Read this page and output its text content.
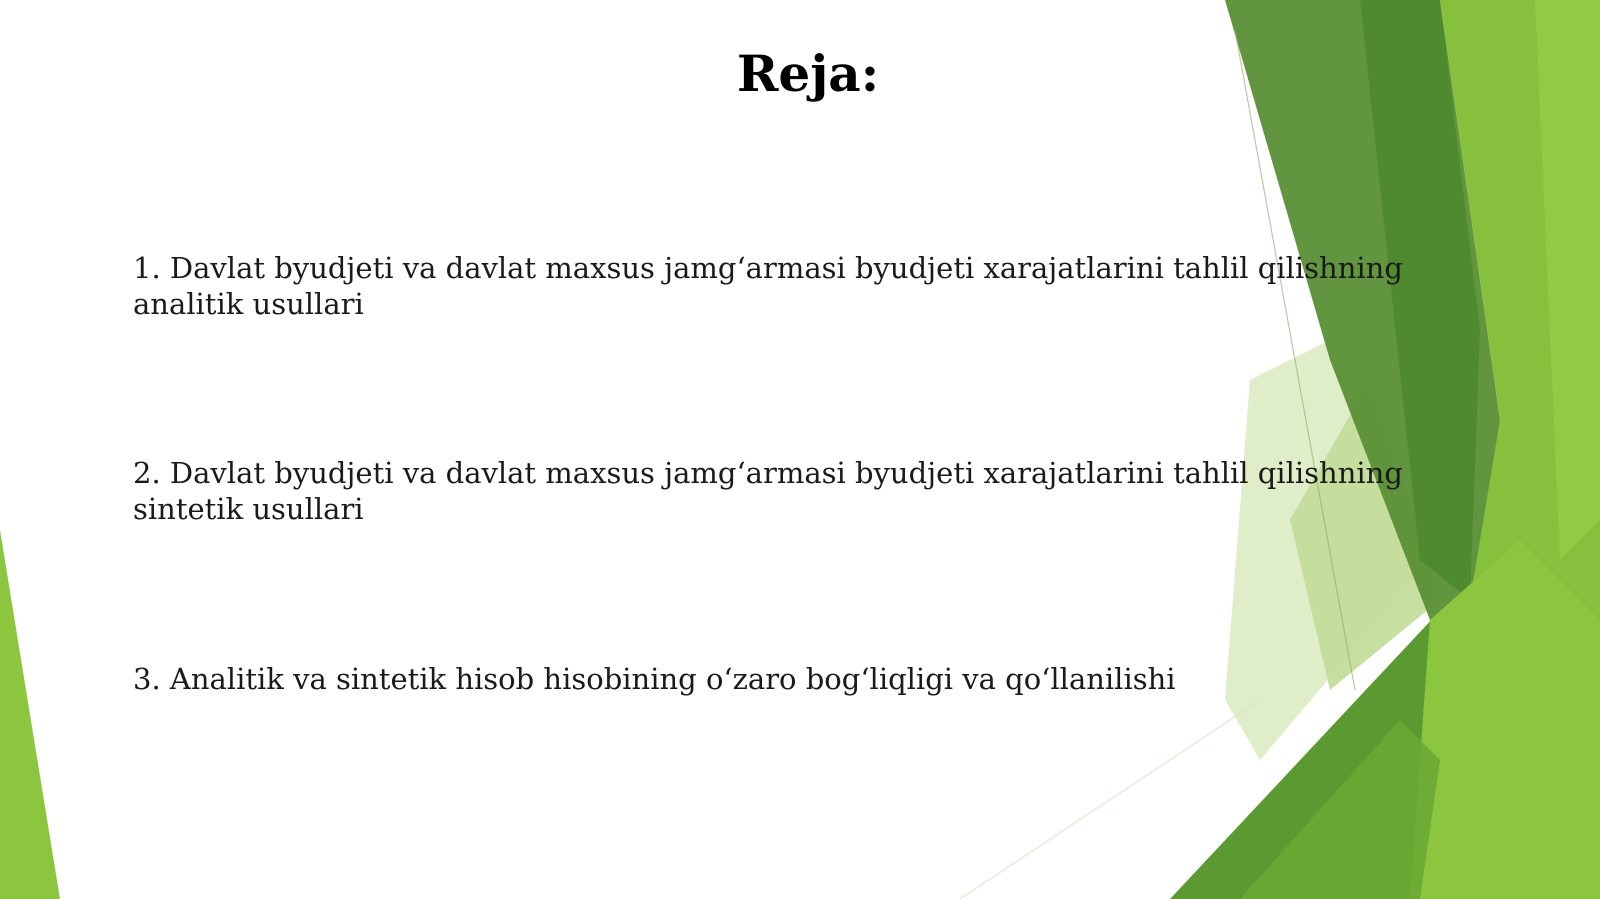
Reja:
1. Davlat byudjeti va davlat maxsus jamg‘armasi byudjeti xarajatlarini tahlil qilishning analitik usullari
2. Davlat byudjeti va davlat maxsus jamg‘armasi byudjeti xarajatlarini tahlil qilishning sintetik usullari
3. Analitik va sintetik hisob hisobining o‘zaro bog‘liqligi va qo‘llanilishi
